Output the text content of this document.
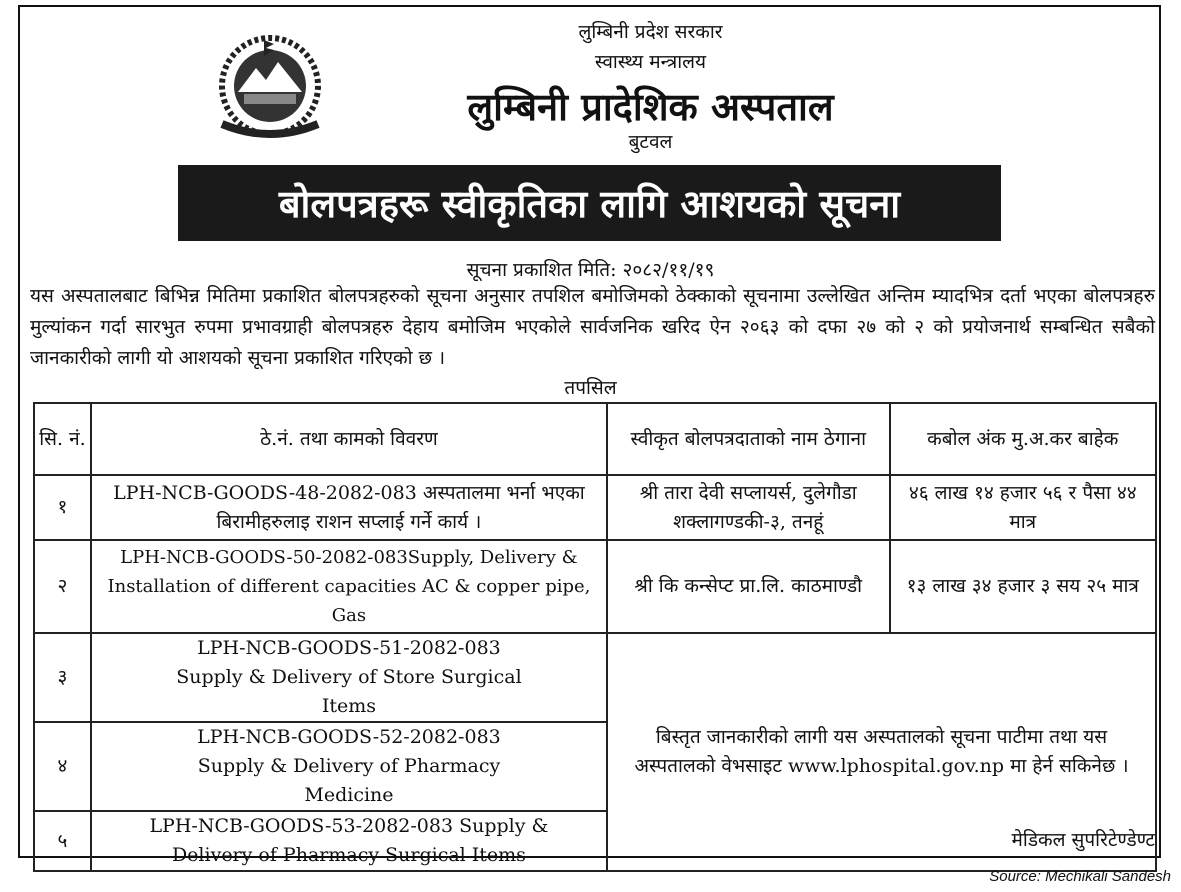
लुम्बिनी प्रदेश सरकार
स्वास्थ्य मन्त्रालय
लुम्बिनी प्रादेशिक अस्पताल
बुटवल
बोलपत्रहरू स्वीकृतिका लागि आशयको सूचना
सूचना प्रकाशित मिति: २०८२/११/१९
यस अस्पतालबाट बिभिन्न मितिमा प्रकाशित बोलपत्रहरुको सूचना अनुसार तपशिल बमोजिमको ठेक्काको सूचनामा उल्लेखित अन्तिम म्यादभित्र दर्ता भएका बोलपत्रहरु मुल्यांकन गर्दा सारभुत रुपमा प्रभावग्राही बोलपत्रहरु देहाय बमोजिम भएकोले सार्वजनिक खरिद ऐन २०६३ को दफा २७ को २ को प्रयोजनार्थ सम्बन्धित सबैको जानकारीको लागी यो आशयको सूचना प्रकाशित गरिएको छ ।
तपसिल
सि. नं.	ठे.नं. तथा कामको विवरण	स्वीकृत बोलपत्रदाताको नाम ठेगाना	कबोल अंक मु.अ.कर बाहेक
१	LPH-NCB-GOODS-48-2082-083 अस्पतालमा भर्ना भएका बिरामीहरुलाइ राशन सप्लाई गर्ने कार्य ।	श्री तारा देवी सप्लायर्स, दुलेगौडा शक्लागण्डकी-३, तनहूं	४६ लाख १४ हजार ५६ र पैसा ४४ मात्र
२	LPH-NCB-GOODS-50-2082-083Supply, Delivery & Installation of different capacities AC & copper pipe, Gas	श्री कि कन्सेप्ट प्रा.लि. काठमाण्डौ	१३ लाख ३४ हजार ३ सय २५ मात्र
३	LPH-NCB-GOODS-51-2082-083 Supply & Delivery of Store Surgical Items	बिस्तृत जानकारीको लागी यस अस्पतालको सूचना पाटीमा तथा यस अस्पतालको वेभसाइट www.lphospital.gov.np मा हेर्न सकिनेछ ।	
४	LPH-NCB-GOODS-52-2082-083 Supply & Delivery of Pharmacy Medicine		
५	LPH-NCB-GOODS-53-2082-083 Supply & Delivery of Pharmacy Surgical Items		
मेडिकल सुपरिटेण्डेण्ट
Source: Mechikali Sandesh
